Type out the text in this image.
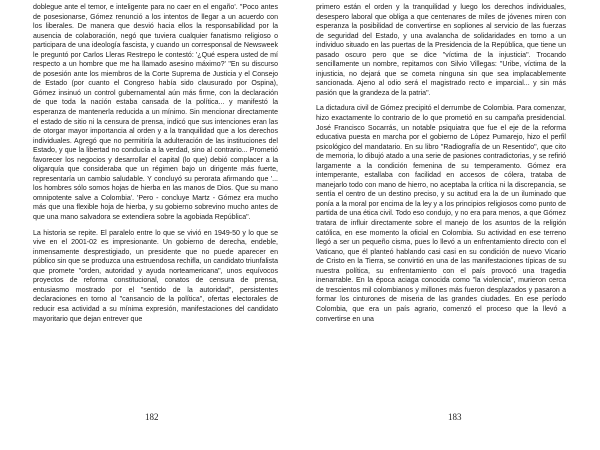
doblegue ante el temor, e inteligente para no caer en el engaño'. "Poco antes de posesionarse, Gómez renunció a los intentos de llegar a un acuerdo con los liberales. De manera que desvió hacia ellos la responsabilidad por la ausencia de colaboración, negó que tuviera cualquier fanatismo religioso o participara de una ideología fascista, y cuando un corresponsal de Newsweek le preguntó por Carlos Lleras Restrepo le contestó: '¿Qué espera usted de mí respecto a un hombre que me ha llamado asesino máximo?' "En su discurso de posesión ante los miembros de la Corte Suprema de Justicia y el Consejo de Estado (por cuanto el Congreso había sido clausurado por Ospina), Gómez insinuó un control gubernamental aún más firme, con la declaración de que toda la nación estaba cansada de la política... y manifestó la esperanza de mantenerla reducida a un mínimo. Sin mencionar directamente el estado de sitio ni la censura de prensa, indicó que sus intenciones eran las de otorgar mayor importancia al orden y a la tranquilidad que a los derechos individuales. Agregó que no permitiría la adulteración de las instituciones del Estado, y que la libertad no conducía a la verdad, sino al contrario... Prometió favorecer los negocios y desarrollar el capital (lo que) debió complacer a la oligarquía que consideraba que un régimen bajo un dirigente más fuerte, representaría un cambio saludable. Y concluyó su perorata afirmando que '... los hombres sólo somos hojas de hierba en las manos de Dios. Que su mano omnipotente salve a Colombia'. 'Pero - concluye Martz - Gómez era mucho más que una flexible hoja de hierba, y su gobierno sobrevino mucho antes de que una mano salvadora se extendiera sobre la agobiada República".

La historia se repite. El paralelo entre lo que se vivió en 1949-50 y lo que se vive en el 2001-02 es impresionante. Un gobierno de derecha, endeble, inmensamente desprestigiado, un presidente que no puede aparecer en público sin que se produzca una estruendosa rechifla, un candidato triunfalista que promete "orden, autoridad y ayuda norteamericana", unos equívocos proyectos de reforma constitucional, conatos de censura de prensa, entusiasmo mostrado por el "sentido de la autoridad", persistentes declaraciones en torno al "cansancio de la política", ofertas electorales de reducir esa actividad a su mínima expresión, manifestaciones del candidato mayoritario que dejan entrever que

182	183

primero están el orden y la tranquilidad y luego los derechos individuales, desespero laboral que obliga a que centenares de miles de jóvenes miren con esperanza la posibilidad de convertirse en sopliones al servicio de las fuerzas de seguridad del Estado, y una avalancha de solidaridades en torno a un individuo situado en las puertas de la Presidencia de la República, que tiene un pasado oscuro pero que se dice "víctima de la injusticia". Trocando sencillamente un nombre, repitamos con Silvio Villegas: "Uribe, víctima de la injusticia, no dejará que se cometa ninguna sin que sea implacablemente sancionada. Ajeno al odio será el magistrado recto e imparcial... y sin más pasión que la grandeza de la patria".

La dictadura civil de Gómez precipitó el derrumbe de Colombia. Para comenzar, hizo exactamente lo contrario de lo que prometió en su campaña presidencial. José Francisco Socarrás, un notable psiquiatra que fue el eje de la reforma educativa puesta en marcha por el gobierno de López Pumarejo, hizo el perfil psicológico del mandatario. En su libro "Radiografía de un Resentido", que cito de memoria, lo dibujó atado a una serie de pasiones contradictorias, y se refirió largamente a la condición femenina de su temperamento. Gómez era intemperante, estallaba con facilidad en accesos de cólera, trataba de manejarlo todo con mano de hierro, no aceptaba la crítica ni la discrepancia, se sentía el centro de un destino preciso, y su actitud era la de un iluminado que ponía a la moral por encima de la ley y a los principios religiosos como punto de partida de una ética civil. Todo eso condujo, y no era para menos, a que Gómez tratara de influir directamente sobre el manejo de los asuntos de la religión católica, en ese momento la oficial en Colombia. Su actividad en ese terreno llegó a ser un pequeño cisma, pues lo llevó a un enfrentamiento directo con el Vaticano, que él planteó hablando casi casi en su condición de nuevo Vicario de Cristo en la Tierra, se convirtió en una de las manifestaciones típicas de su nuestra política, su enfrentamiento con el país provocó una tragedia inenarrable. En la época aciaga conocida como "la violencia", murieron cerca de trescientos mil colombianos y millones más fueron desplazados y pasaron a formar los cinturones de miseria de las grandes ciudades. En ese período Colombia, que era un país agrario, comenzó el proceso que la llevó a convertirse en una
